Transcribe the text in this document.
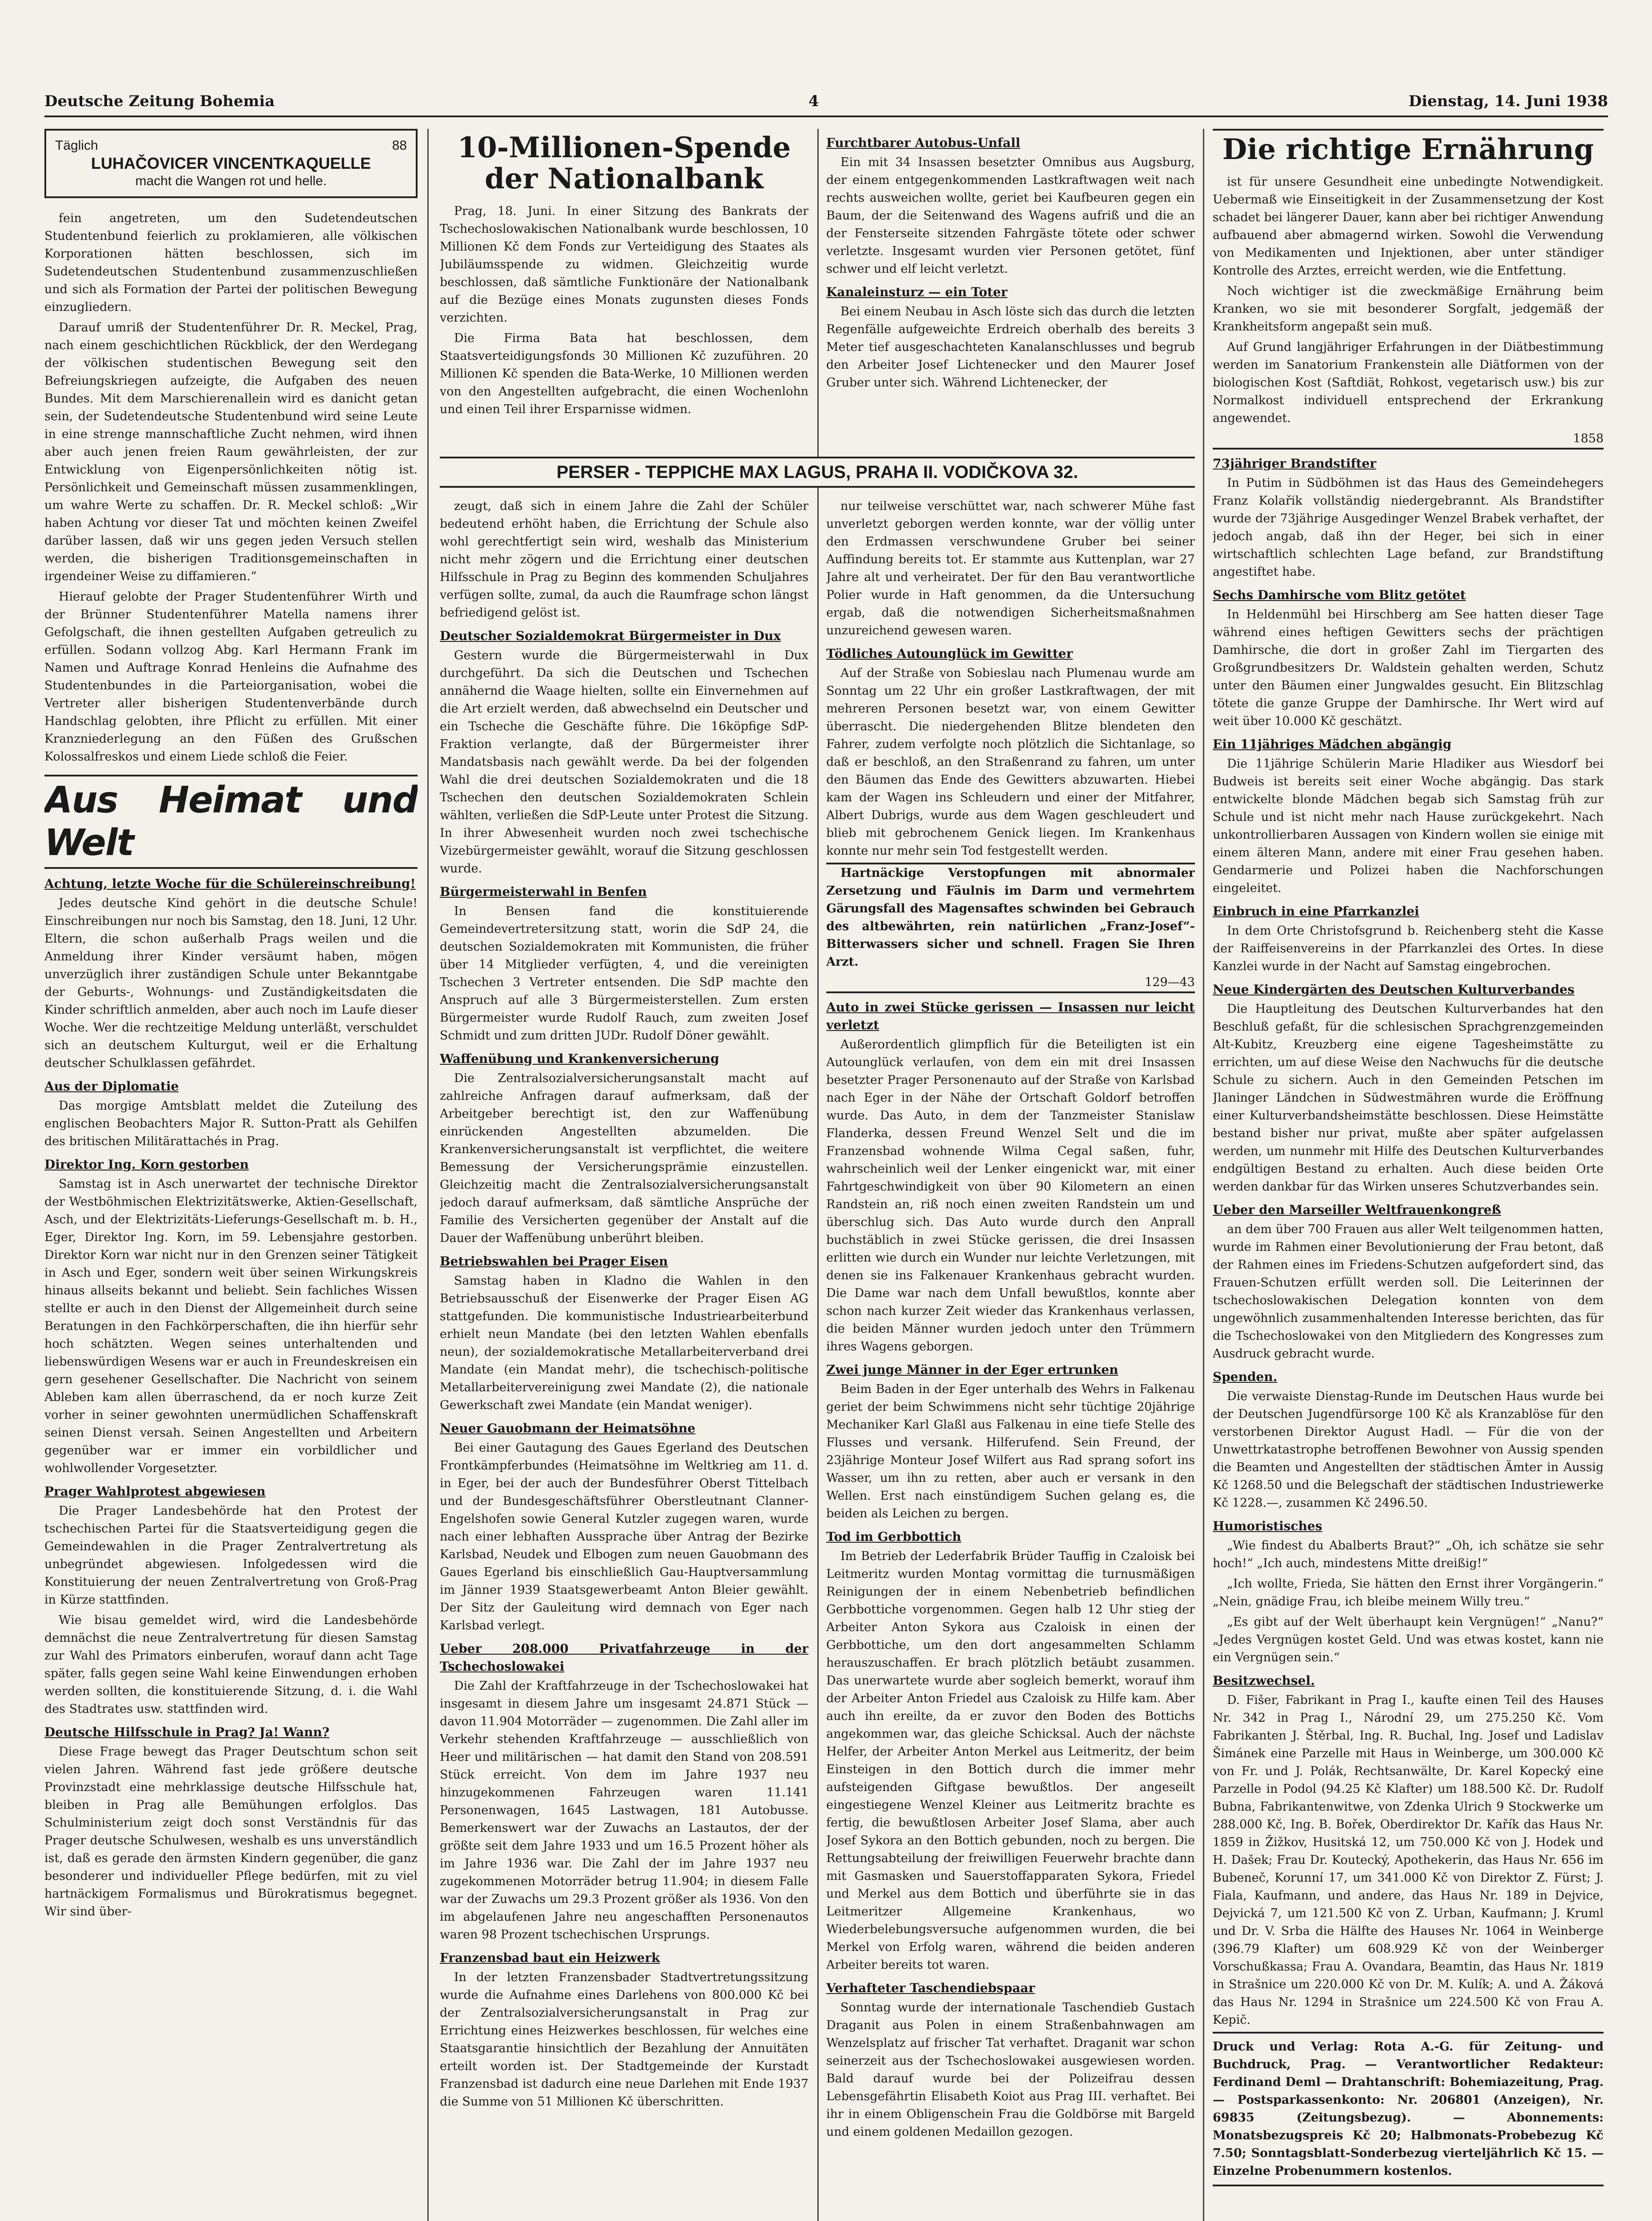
Deutsche Zeitung Bohemia	4	Dienstag, 14. Juni 1938
Täglich	88
LUHAČOVICER VINCENTKAQUELLE
macht die Wangen rot und helle.

fein angetreten, um den Sudetendeutschen Studentenbund feierlich zu proklamieren, alle völkischen Korporationen hätten beschlossen, sich im Sudetendeutschen Studentenbund zusammenzuschließen und sich als Formation der Partei der politischen Bewegung einzugliedern.

Darauf umriß der Studentenführer Dr. R. Meckel, Prag, nach einem geschichtlichen Rückblick, der den Werdegang der völkischen studentischen Bewegung seit den Befreiungskriegen aufzeigte, die Aufgaben des neuen Bundes. Mit dem Marschierenallein wird es danicht getan sein, der Sudetendeutsche Studentenbund wird seine Leute in eine strenge mannschaftliche Zucht nehmen, wird ihnen aber auch jenen freien Raum gewährleisten, der zur Entwicklung von Eigenpersönlichkeiten nötig ist. Persönlichkeit und Gemeinschaft müssen zusammenklingen, um wahre Werte zu schaffen. Dr. R. Meckel schloß: „Wir haben Achtung vor dieser Tat und möchten keinen Zweifel darüber lassen, daß wir uns gegen jeden Versuch stellen werden, die bisherigen Traditionsgemeinschaften in irgendeiner Weise zu diffamieren.“

Hierauf gelobte der Prager Studentenführer Wirth und der Brünner Studentenführer Matella namens ihrer Gefolgschaft, die ihnen gestellten Aufgaben getreulich zu erfüllen. Sodann vollzog Abg. Karl Hermann Frank im Namen und Auftrage Konrad Henleins die Aufnahme des Studentenbundes in die Parteiorganisation, wobei die Vertreter aller bisherigen Studentenverbände durch Handschlag gelobten, ihre Pflicht zu erfüllen. Mit einer Kranzniederlegung an den Füßen des Grußschen Kolossalfreskos und einem Liede schloß die Feier.

Aus Heimat und Welt
Achtung, letzte Woche für die Schülereinschreibung!

Jedes deutsche Kind gehört in die deutsche Schule! Einschreibungen nur noch bis Samstag, den 18. Juni, 12 Uhr. Eltern, die schon außerhalb Prags weilen und die Anmeldung ihrer Kinder versäumt haben, mögen unverzüglich ihrer zuständigen Schule unter Bekanntgabe der Geburts-, Wohnungs- und Zuständigkeitsdaten die Kinder schriftlich anmelden, aber auch noch im Laufe dieser Woche. Wer die rechtzeitige Meldung unterläßt, verschuldet sich an deutschem Kulturgut, weil er die Erhaltung deutscher Schulklassen gefährdet.

Aus der Diplomatie

Das morgige Amtsblatt meldet die Zuteilung des englischen Beobachters Major R. Sutton-Pratt als Gehilfen des britischen Militärattachés in Prag.

Direktor Ing. Korn gestorben

Samstag ist in Asch unerwartet der technische Direktor der Westböhmischen Elektrizitätswerke, Aktien-Gesellschaft, Asch, und der Elektrizitäts-Lieferungs-Gesellschaft m. b. H., Eger, Direktor Ing. Korn, im 59. Lebensjahre gestorben. Direktor Korn war nicht nur in den Grenzen seiner Tätigkeit in Asch und Eger, sondern weit über seinen Wirkungskreis hinaus allseits bekannt und beliebt. Sein fachliches Wissen stellte er auch in den Dienst der Allgemeinheit durch seine Beratungen in den Fachkörperschaften, die ihn hierfür sehr hoch schätzten. Wegen seines unterhaltenden und liebenswürdigen Wesens war er auch in Freundeskreisen ein gern gesehener Gesellschafter. Die Nachricht von seinem Ableben kam allen überraschend, da er noch kurze Zeit vorher in seiner gewohnten unermüdlichen Schaffenskraft seinen Dienst versah. Seinen Angestellten und Arbeitern gegenüber war er immer ein vorbildlicher und wohlwollender Vorgesetzter.

Prager Wahlprotest abgewiesen

Die Prager Landesbehörde hat den Protest der tschechischen Partei für die Staatsverteidigung gegen die Gemeindewahlen in die Prager Zentralvertretung als unbegründet abgewiesen. Infolgedessen wird die Konstituierung der neuen Zentralvertretung von Groß-Prag in Kürze stattfinden.

Wie bisau gemeldet wird, wird die Landesbehörde demnächst die neue Zentralvertretung für diesen Samstag zur Wahl des Primators einberufen, worauf dann acht Tage später, falls gegen seine Wahl keine Einwendungen erhoben werden sollten, die konstituierende Sitzung, d. i. die Wahl des Stadtrates usw. stattfinden wird.

Deutsche Hilfsschule in Prag? Ja! Wann?

Diese Frage bewegt das Prager Deutschtum schon seit vielen Jahren. Während fast jede größere deutsche Provinzstadt eine mehrklassige deutsche Hilfsschule hat, bleiben in Prag alle Bemühungen erfolglos. Das Schulministerium zeigt doch sonst Verständnis für das Prager deutsche Schulwesen, weshalb es uns unverständlich ist, daß es gerade den ärmsten Kindern gegenüber, die ganz besonderer und individueller Pflege bedürfen, mit zu viel hartnäckigem Formalismus und Bürokratismus begegnet. Wir sind über-

10-Millionen-Spende der Nationalbank

Prag, 18. Juni. In einer Sitzung des Bankrats der Tschechoslowakischen Nationalbank wurde beschlossen, 10 Millionen Kč dem Fonds zur Verteidigung des Staates als Jubiläumsspende zu widmen. Gleichzeitig wurde beschlossen, daß sämtliche Funktionäre der Nationalbank auf die Bezüge eines Monats zugunsten dieses Fonds verzichten.

Die Firma Bata hat beschlossen, dem Staatsverteidigungsfonds 30 Millionen Kč zuzuführen. 20 Millionen Kč spenden die Bata-Werke, 10 Millionen werden von den Angestellten aufgebracht, die einen Wochenlohn und einen Teil ihrer Ersparnisse widmen.

Furchtbarer Autobus-Unfall

Ein mit 34 Insassen besetzter Omnibus aus Augsburg, der einem entgegenkommenden Lastkraftwagen weit nach rechts ausweichen wollte, geriet bei Kaufbeuren gegen ein Baum, der die Seitenwand des Wagens aufriß und die an der Fensterseite sitzenden Fahrgäste tötete oder schwer verletzte. Insgesamt wurden vier Personen getötet, fünf schwer und elf leicht verletzt.

Kanaleinsturz — ein Toter

Bei einem Neubau in Asch löste sich das durch die letzten Regenfälle aufgeweichte Erdreich oberhalb des bereits 3 Meter tief ausgeschachteten Kanalanschlusses und begrub den Arbeiter Josef Lichtenecker und den Maurer Josef Gruber unter sich. Während Lichtenecker, der

PERSER - TEPPICHE MAX LAGUS, PRAHA II. VODIČKOVA 32.

zeugt, daß sich in einem Jahre die Zahl der Schüler bedeutend erhöht haben, die Errichtung der Schule also wohl gerechtfertigt sein wird, weshalb das Ministerium nicht mehr zögern und die Errichtung einer deutschen Hilfsschule in Prag zu Beginn des kommenden Schuljahres verfügen sollte, zumal, da auch die Raumfrage schon längst befriedigend gelöst ist.

Deutscher Sozialdemokrat Bürgermeister in Dux

Gestern wurde die Bürgermeisterwahl in Dux durchgeführt. Da sich die Deutschen und Tschechen annähernd die Waage hielten, sollte ein Einvernehmen auf die Art erzielt werden, daß abwechselnd ein Deutscher und ein Tscheche die Geschäfte führe. Die 16köpfige SdP-Fraktion verlangte, daß der Bürgermeister ihrer Mandatsbasis nach gewählt werde. Da bei der folgenden Wahl die drei deutschen Sozialdemokraten und die 18 Tschechen den deutschen Sozialdemokraten Schlein wählten, verließen die SdP-Leute unter Protest die Sitzung. In ihrer Abwesenheit wurden noch zwei tschechische Vizebürgermeister gewählt, worauf die Sitzung geschlossen wurde.

Bürgermeisterwahl in Benfen

In Bensen fand die konstituierende Gemeindevertretersitzung statt, worin die SdP 24, die deutschen Sozialdemokraten mit Kommunisten, die früher über 14 Mitglieder verfügten, 4, und die vereinigten Tschechen 3 Vertreter entsenden. Die SdP machte den Anspruch auf alle 3 Bürgermeisterstellen. Zum ersten Bürgermeister wurde Rudolf Rauch, zum zweiten Josef Schmidt und zum dritten JUDr. Rudolf Döner gewählt.

Waffenübung und Krankenversicherung

Die Zentralsozialversicherungsanstalt macht auf zahlreiche Anfragen darauf aufmerksam, daß der Arbeitgeber berechtigt ist, den zur Waffenübung einrückenden Angestellten abzumelden. Die Krankenversicherungsanstalt ist verpflichtet, die weitere Bemessung der Versicherungsprämie einzustellen. Gleichzeitig macht die Zentralsozialversicherungsanstalt jedoch darauf aufmerksam, daß sämtliche Ansprüche der Familie des Versicherten gegenüber der Anstalt auf die Dauer der Waffenübung unberührt bleiben.

Betriebswahlen bei Prager Eisen

Samstag haben in Kladno die Wahlen in den Betriebsausschuß der Eisenwerke der Prager Eisen AG stattgefunden. Die kommunistische Industriearbeiterbund erhielt neun Mandate (bei den letzten Wahlen ebenfalls neun), der sozialdemokratische Metallarbeiterverband drei Mandate (ein Mandat mehr), die tschechisch-politische Metallarbeitervereinigung zwei Mandate (2), die nationale Gewerkschaft zwei Mandate (ein Mandat weniger).

Neuer Gauobmann der Heimatsöhne

Bei einer Gautagung des Gaues Egerland des Deutschen Frontkämpferbundes (Heimatsöhne im Weltkrieg am 11. d. in Eger, bei der auch der Bundesführer Oberst Tittelbach und der Bundesgeschäftsführer Oberstleutnant Clanner-Engelshofen sowie General Kutzler zugegen waren, wurde nach einer lebhaften Aussprache über Antrag der Bezirke Karlsbad, Neudek und Elbogen zum neuen Gauobmann des Gaues Egerland bis einschließlich Gau-Hauptversammlung im Jänner 1939 Staatsgewerbeamt Anton Bleier gewählt. Der Sitz der Gauleitung wird demnach von Eger nach Karlsbad verlegt.

Ueber 208.000 Privatfahrzeuge in der Tschechoslowakei

Die Zahl der Kraftfahrzeuge in der Tschechoslowakei hat insgesamt in diesem Jahre um insgesamt 24.871 Stück — davon 11.904 Motorräder — zugenommen. Die Zahl aller im Verkehr stehenden Kraftfahrzeuge — ausschließlich von Heer und militärischen — hat damit den Stand von 208.591 Stück erreicht. Von dem im Jahre 1937 neu hinzugekommenen Fahrzeugen waren 11.141 Personenwagen, 1645 Lastwagen, 181 Autobusse. Bemerkenswert war der Zuwachs an Lastautos, der der größte seit dem Jahre 1933 und um 16.5 Prozent höher als im Jahre 1936 war. Die Zahl der im Jahre 1937 neu zugekommenen Motorräder betrug 11.904; in diesem Falle war der Zuwachs um 29.3 Prozent größer als 1936. Von den im abgelaufenen Jahre neu angeschafften Personenautos waren 98 Prozent tschechischen Ursprungs.

Franzensbad baut ein Heizwerk

In der letzten Franzensbader Stadtvertretungssitzung wurde die Aufnahme eines Darlehens von 800.000 Kč bei der Zentralsozialversicherungsanstalt in Prag zur Errichtung eines Heizwerkes beschlossen, für welches eine Staatsgarantie hinsichtlich der Bezahlung der Annuitäten erteilt worden ist. Der Stadtgemeinde der Kurstadt Franzensbad ist dadurch eine neue Darlehen mit Ende 1937 die Summe von 51 Millionen Kč überschritten.

nur teilweise verschüttet war, nach schwerer Mühe fast unverletzt geborgen werden konnte, war der völlig unter den Erdmassen verschwundene Gruber bei seiner Auffindung bereits tot. Er stammte aus Kuttenplan, war 27 Jahre alt und verheiratet. Der für den Bau verantwortliche Polier wurde in Haft genommen, da die Untersuchung ergab, daß die notwendigen Sicherheitsmaßnahmen unzureichend gewesen waren.

Tödliches Autounglück im Gewitter

Auf der Straße von Sobieslau nach Plumenau wurde am Sonntag um 22 Uhr ein großer Lastkraftwagen, der mit mehreren Personen besetzt war, von einem Gewitter überrascht. Die niedergehenden Blitze blendeten den Fahrer, zudem verfolgte noch plötzlich die Sichtanlage, so daß er beschloß, an den Straßenrand zu fahren, um unter den Bäumen das Ende des Gewitters abzuwarten. Hiebei kam der Wagen ins Schleudern und einer der Mitfahrer, Albert Dubrigs, wurde aus dem Wagen geschleudert und blieb mit gebrochenem Genick liegen. Im Krankenhaus konnte nur mehr sein Tod festgestellt werden.

Hartnäckige Verstopfungen mit abnormaler Zersetzung und Fäulnis im Darm und vermehrtem Gärungsfall des Magensaftes schwinden bei Gebrauch des altbewährten, rein natürlichen „Franz-Josef“-Bitterwassers sicher und schnell. Fragen Sie Ihren Arzt.

129—43
Auto in zwei Stücke gerissen — Insassen nur leicht verletzt

Außerordentlich glimpflich für die Beteiligten ist ein Autounglück verlaufen, von dem ein mit drei Insassen besetzter Prager Personenauto auf der Straße von Karlsbad nach Eger in der Nähe der Ortschaft Goldorf betroffen wurde. Das Auto, in dem der Tanzmeister Stanislaw Flanderka, dessen Freund Wenzel Selt und die im Franzensbad wohnende Wilma Cegal saßen, fuhr, wahrscheinlich weil der Lenker eingenickt war, mit einer Fahrtgeschwindigkeit von über 90 Kilometern an einen Randstein an, riß noch einen zweiten Randstein um und überschlug sich. Das Auto wurde durch den Anprall buchstäblich in zwei Stücke gerissen, die drei Insassen erlitten wie durch ein Wunder nur leichte Verletzungen, mit denen sie ins Falkenauer Krankenhaus gebracht wurden. Die Dame war nach dem Unfall bewußtlos, konnte aber schon nach kurzer Zeit wieder das Krankenhaus verlassen, die beiden Männer wurden jedoch unter den Trümmern ihres Wagens geborgen.

Zwei junge Männer in der Eger ertrunken

Beim Baden in der Eger unterhalb des Wehrs in Falkenau geriet der beim Schwimmens nicht sehr tüchtige 20jährige Mechaniker Karl Glaßl aus Falkenau in eine tiefe Stelle des Flusses und versank. Hilferufend. Sein Freund, der 23jährige Monteur Josef Wilfert aus Rad sprang sofort ins Wasser, um ihn zu retten, aber auch er versank in den Wellen. Erst nach einstündigem Suchen gelang es, die beiden als Leichen zu bergen.

Tod im Gerbbottich

Im Betrieb der Lederfabrik Brüder Tauffig in Czaloisk bei Leitmeritz wurden Montag vormittag die turnusmäßigen Reinigungen der in einem Nebenbetrieb befindlichen Gerbbottiche vorgenommen. Gegen halb 12 Uhr stieg der Arbeiter Anton Sykora aus Czaloisk in einen der Gerbbottiche, um den dort angesammelten Schlamm herauszuschaffen. Er brach plötzlich betäubt zusammen. Das unerwartete wurde aber sogleich bemerkt, worauf ihm der Arbeiter Anton Friedel aus Czaloisk zu Hilfe kam. Aber auch ihn ereilte, da er zuvor den Boden des Bottichs angekommen war, das gleiche Schicksal. Auch der nächste Helfer, der Arbeiter Anton Merkel aus Leitmeritz, der beim Einsteigen in den Bottich durch die immer mehr aufsteigenden Giftgase bewußtlos. Der angeseilt eingestiegene Wenzel Kleiner aus Leitmeritz brachte es fertig, die bewußtlosen Arbeiter Josef Slama, aber auch Josef Sykora an den Bottich gebunden, noch zu bergen. Die Rettungsabteilung der freiwilligen Feuerwehr brachte dann mit Gasmasken und Sauerstoffapparaten Sykora, Friedel und Merkel aus dem Bottich und überführte sie in das Leitmeritzer Allgemeine Krankenhaus, wo Wiederbelebungsversuche aufgenommen wurden, die bei Merkel von Erfolg waren, während die beiden anderen Arbeiter bereits tot waren.

Verhafteter Taschendiebspaar

Sonntag wurde der internationale Taschendieb Gustach Draganit aus Polen in einem Straßenbahnwagen am Wenzelsplatz auf frischer Tat verhaftet. Draganit war schon seinerzeit aus der Tschechoslowakei ausgewiesen worden. Bald darauf wurde bei der Polizeifrau dessen Lebensgefährtin Elisabeth Koiot aus Prag III. verhaftet. Bei ihr in einem Obligenschein Frau die Goldbörse mit Bargeld und einem goldenen Medaillon gezogen.

Die richtige Ernährung

ist für unsere Gesundheit eine unbedingte Notwendigkeit. Uebermaß wie Einseitigkeit in der Zusammensetzung der Kost schadet bei längerer Dauer, kann aber bei richtiger Anwendung aufbauend aber abmagernd wirken. Sowohl die Verwendung von Medikamenten und Injektionen, aber unter ständiger Kontrolle des Arztes, erreicht werden, wie die Entfettung.

Noch wichtiger ist die zweckmäßige Ernährung beim Kranken, wo sie mit besonderer Sorgfalt, jedgemäß der Krankheitsform angepaßt sein muß.

Auf Grund langjähriger Erfahrungen in der Diätbestimmung werden im Sanatorium Frankenstein alle Diätformen von der biologischen Kost (Saftdiät, Rohkost, vegetarisch usw.) bis zur Normalkost individuell entsprechend der Erkrankung angewendet.

1858
73jähriger Brandstifter

In Putim in Südböhmen ist das Haus des Gemeindehegers Franz Kolařik vollständig niedergebrannt. Als Brandstifter wurde der 73jährige Ausgedinger Wenzel Brabek verhaftet, der jedoch angab, daß ihn der Heger, bei sich in einer wirtschaftlich schlechten Lage befand, zur Brandstiftung angestiftet habe.

Sechs Damhirsche vom Blitz getötet

In Heldenmühl bei Hirschberg am See hatten dieser Tage während eines heftigen Gewitters sechs der prächtigen Damhirsche, die dort in großer Zahl im Tiergarten des Großgrundbesitzers Dr. Waldstein gehalten werden, Schutz unter den Bäumen einer Jungwaldes gesucht. Ein Blitzschlag tötete die ganze Gruppe der Damhirsche. Ihr Wert wird auf weit über 10.000 Kč geschätzt.

Ein 11jähriges Mädchen abgängig

Die 11jährige Schülerin Marie Hladiker aus Wiesdorf bei Budweis ist bereits seit einer Woche abgängig. Das stark entwickelte blonde Mädchen begab sich Samstag früh zur Schule und ist nicht mehr nach Hause zurückgekehrt. Nach unkontrollierbaren Aussagen von Kindern wollen sie einige mit einem älteren Mann, andere mit einer Frau gesehen haben. Gendarmerie und Polizei haben die Nachforschungen eingeleitet.

Einbruch in eine Pfarrkanzlei

In dem Orte Christofsgrund b. Reichenberg steht die Kasse der Raiffeisenvereins in der Pfarrkanzlei des Ortes. In diese Kanzlei wurde in der Nacht auf Samstag eingebrochen.

Neue Kindergärten des Deutschen Kulturverbandes

Die Hauptleitung des Deutschen Kulturverbandes hat den Beschluß gefaßt, für die schlesischen Sprachgrenzgemeinden Alt-Kubitz, Kreuzberg eine eigene Tagesheimstätte zu errichten, um auf diese Weise den Nachwuchs für die deutsche Schule zu sichern. Auch in den Gemeinden Petschen im Jlaninger Ländchen in Südwestmähren wurde die Eröffnung einer Kulturverbandsheimstätte beschlossen. Diese Heimstätte bestand bisher nur privat, mußte aber später aufgelassen werden, um nunmehr mit Hilfe des Deutschen Kulturverbandes endgültigen Bestand zu erhalten. Auch diese beiden Orte werden dankbar für das Wirken unseres Schutzverbandes sein.

Ueber den Marseiller Weltfrauenkongreß

an dem über 700 Frauen aus aller Welt teilgenommen hatten, wurde im Rahmen einer Bevolutionierung der Frau betont, daß der Rahmen eines im Friedens-Schutzen aufgefordert sind, das Frauen-Schutzen erfüllt werden soll. Die Leiterinnen der tschechoslowakischen Delegation konnten von dem ungewöhnlich zusammenhaltenden Interesse berichten, das für die Tschechoslowakei von den Mitgliedern des Kongresses zum Ausdruck gebracht wurde.

Spenden.

Die verwaiste Dienstag-Runde im Deutschen Haus wurde bei der Deutschen Jugendfürsorge 100 Kč als Kranzablöse für den verstorbenen Direktor August Hadl. — Für die von der Unwettrkatastrophe betroffenen Bewohner von Aussig spenden die Beamten und Angestellten der städtischen Ämter in Aussig Kč 1268.50 und die Belegschaft der städtischen Industriewerke Kč 1228.—, zusammen Kč 2496.50.

Humoristisches

„Wie findest du Abalberts Braut?“ „Oh, ich schätze sie sehr hoch!“ „Ich auch, mindestens Mitte dreißig!“

„Ich wollte, Frieda, Sie hätten den Ernst ihrer Vorgängerin.“ „Nein, gnädige Frau, ich bleibe meinem Willy treu.“

„Es gibt auf der Welt überhaupt kein Vergnügen!“ „Nanu?“ „Jedes Vergnügen kostet Geld. Und was etwas kostet, kann nie ein Vergnügen sein.“

Besitzwechsel.

D. Fišer, Fabrikant in Prag I., kaufte einen Teil des Hauses Nr. 342 in Prag I., Národní 29, um 275.250 Kč. Vom Fabrikanten J. Štěrbal, Ing. R. Buchal, Ing. Josef und Ladislav Šimánek eine Parzelle mit Haus in Weinberge, um 300.000 Kč von Fr. und J. Polák, Rechtsanwälte, Dr. Karel Kopecký eine Parzelle in Podol (94.25 Kč Klafter) um 188.500 Kč. Dr. Rudolf Bubna, Fabrikantenwitwe, von Zdenka Ulrich 9 Stockwerke um 288.000 Kč, Ing. B. Bořek, Oberdirektor Dr. Kařík das Haus Nr. 1859 in Žižkov, Husitská 12, um 750.000 Kč von J. Hodek und H. Dašek; Frau Dr. Koutecký, Apothekerin, das Haus Nr. 656 im Bubeneč, Korunní 17, um 341.000 Kč von Direktor Z. Fürst; J. Fiala, Kaufmann, und andere, das Haus Nr. 189 in Dejvice, Dejvická 7, um 121.500 Kč von Z. Urban, Kaufmann; J. Kruml und Dr. V. Srba die Hälfte des Hauses Nr. 1064 in Weinberge (396.79 Klafter) um 608.929 Kč von der Weinberger Vorschußkassa; Frau A. Ovandara, Beamtin, das Haus Nr. 1819 in Strašnice um 220.000 Kč von Dr. M. Kulík; A. und A. Žáková das Haus Nr. 1294 in Strašnice um 224.500 Kč von Frau A. Kepič.

Druck und Verlag: Rota A.-G. für Zeitung- und Buchdruck, Prag. — Verantwortlicher Redakteur: Ferdinand Deml — Drahtanschrift: Bohemiazeitung, Prag. — Postsparkassenkonto: Nr. 206801 (Anzeigen), Nr. 69835 (Zeitungsbezug). — Abonnements: Monatsbezugspreis Kč 20; Halbmonats-Probebezug Kč 7.50; Sonntagsblatt-Sonderbezug vierteljährlich Kč 15. — Einzelne Probenummern kostenlos.
